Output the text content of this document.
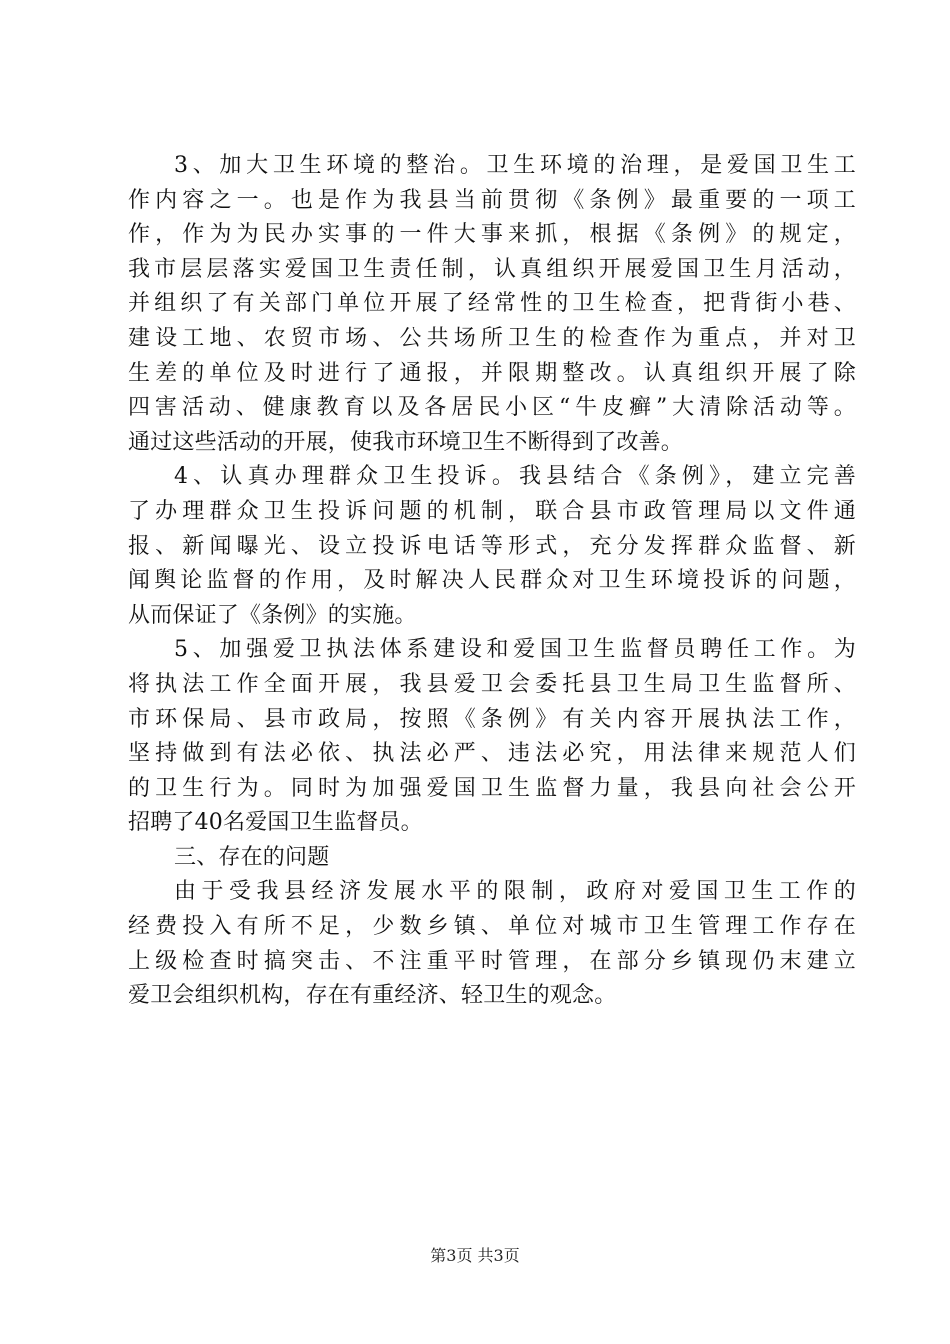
3、加大卫生环境的整治。卫生环境的治理，是爱国卫生工
作内容之一。也是作为我县当前贯彻《条例》最重要的一项工
作，作为为民办实事的一件大事来抓，根据《条例》的规定，
我市层层落实爱国卫生责任制，认真组织开展爱国卫生月活动，
并组织了有关部门单位开展了经常性的卫生检查，把背街小巷、
建设工地、农贸市场、公共场所卫生的检查作为重点，并对卫
生差的单位及时进行了通报，并限期整改。认真组织开展了除
四害活动、健康教育以及各居民小区“牛皮癣”大清除活动等。
通过这些活动的开展，使我市环境卫生不断得到了改善。
4、认真办理群众卫生投诉。我县结合《条例》，建立完善
了办理群众卫生投诉问题的机制，联合县市政管理局以文件通
报、新闻曝光、设立投诉电话等形式，充分发挥群众监督、新
闻舆论监督的作用，及时解决人民群众对卫生环境投诉的问题，
从而保证了《条例》的实施。
5、加强爱卫执法体系建设和爱国卫生监督员聘任工作。为
将执法工作全面开展，我县爱卫会委托县卫生局卫生监督所、
市环保局、县市政局，按照《条例》有关内容开展执法工作，
坚持做到有法必依、执法必严、违法必究，用法律来规范人们
的卫生行为。同时为加强爱国卫生监督力量，我县向社会公开
招聘了40名爱国卫生监督员。
三、存在的问题
由于受我县经济发展水平的限制，政府对爱国卫生工作的
经费投入有所不足，少数乡镇、单位对城市卫生管理工作存在
上级检查时搞突击、不注重平时管理，在部分乡镇现仍末建立
爱卫会组织机构，存在有重经济、轻卫生的观念。
第3页 共3页
